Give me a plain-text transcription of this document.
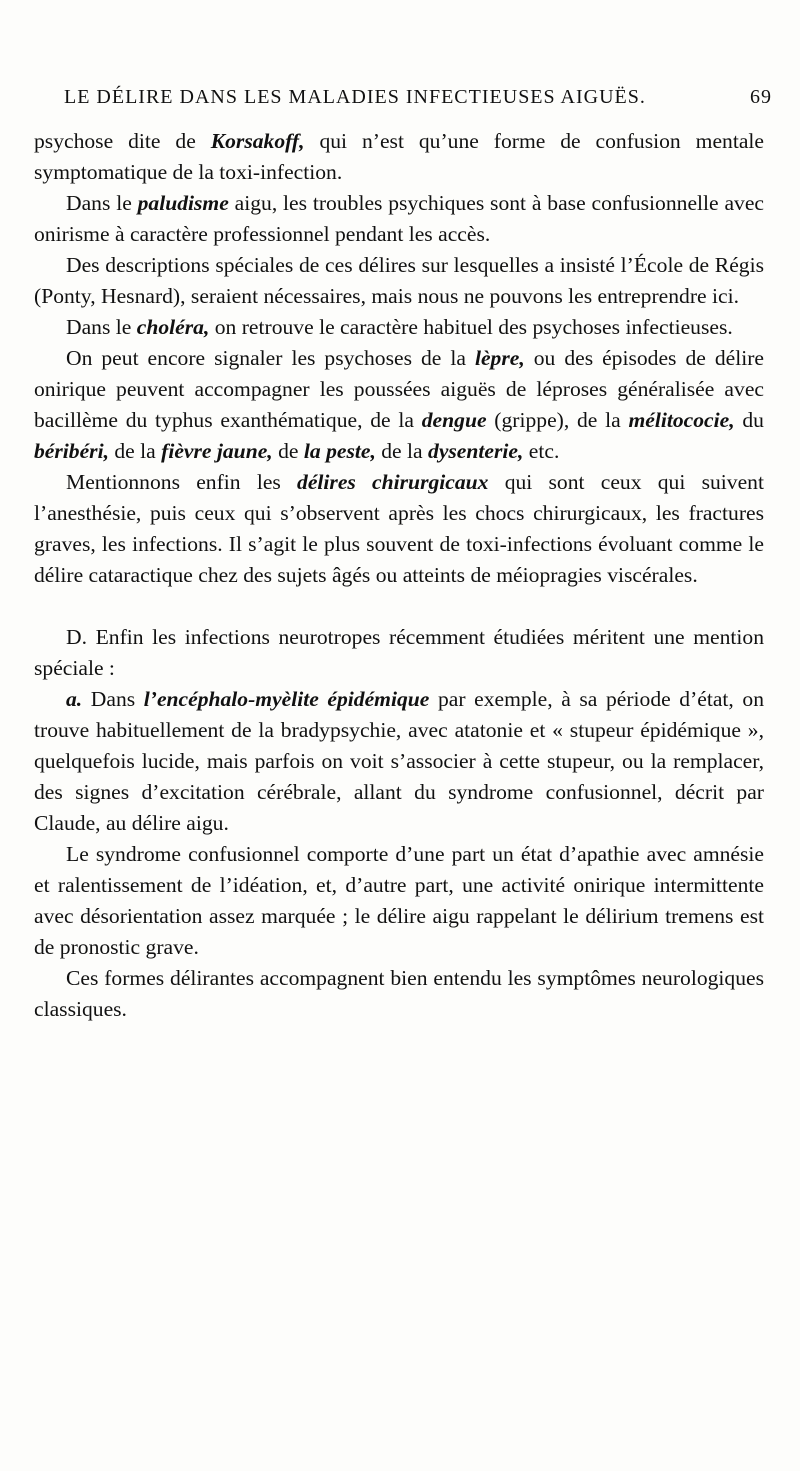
LE DÉLIRE DANS LES MALADIES INFECTIEUSES AIGUËS.	69

psychose dite de Korsakoff, qui n’est qu’une forme de confusion mentale symptomatique de la toxi-infection.

Dans le paludisme aigu, les troubles psychiques sont à base confusionnelle avec onirisme à caractère professionnel pendant les accès.

Des descriptions spéciales de ces délires sur lesquelles a insisté l’École de Régis (Ponty, Hesnard), seraient nécessaires, mais nous ne pouvons les entreprendre ici.

Dans le choléra, on retrouve le caractère habituel des psychoses infectieuses.

On peut encore signaler les psychoses de la lèpre, ou des épisodes de délire onirique peuvent accompagner les poussées aiguës de léproses généralisée avec bacillème du typhus exanthématique, de la dengue (grippe), de la mélitococie, du béribéri, de la fièvre jaune, de la peste, de la dysenterie, etc.

Mentionnons enfin les délires chirurgicaux qui sont ceux qui suivent l’anesthésie, puis ceux qui s’observent après les chocs chirurgicaux, les fractures graves, les infections. Il s’agit le plus souvent de toxi-infections évoluant comme le délire cataractique chez des sujets âgés ou atteints de méiopragies viscérales.

D. Enfin les infections neurotropes récemment étudiées méritent une mention spéciale :

a. Dans l’encéphalo-myèlite épidémique par exemple, à sa période d’état, on trouve habituellement de la bradypsychie, avec atatonie et « stupeur épidémique », quelquefois lucide, mais parfois on voit s’associer à cette stupeur, ou la remplacer, des signes d’excitation cérébrale, allant du syndrome confusionnel, décrit par Claude, au délire aigu.

Le syndrome confusionnel comporte d’une part un état d’apathie avec amnésie et ralentissement de l’idéation, et, d’autre part, une activité onirique intermittente avec désorientation assez marquée ; le délire aigu rappelant le délirium tremens est de pronostic grave.

Ces formes délirantes accompagnent bien entendu les symptômes neurologiques classiques.
